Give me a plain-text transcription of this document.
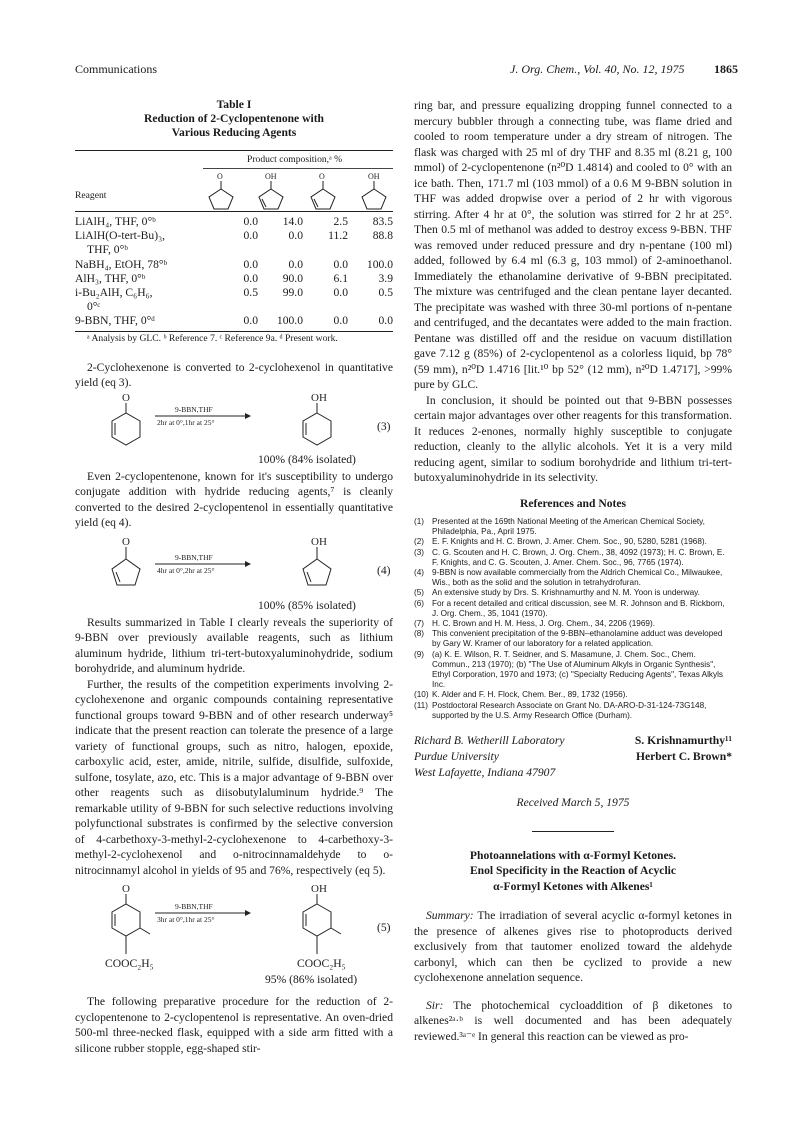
Communications	J. Org. Chem., Vol. 40, No. 12, 1975 1865
Table I
Reduction of 2-Cyclopentenone with
Various Reducing Agents
Product composition,ᵃ %
Reagent
O	OH	O	OH
LiAlH₄, THF, 0°ᵇ	0.0	14.0	2.5	83.5
LiAlH(O-tert-Bu)₃,	0.0	0.0	11.2	88.8
THF, 0°ᵇ				
NaBH₄, EtOH, 78°ᵇ	0.0	0.0	0.0	100.0
AlH₃, THF, 0°ᵇ	0.0	90.0	6.1	3.9
i-Bu₂AlH, C₆H₆,	0.5	99.0	0.0	0.5
0°ᶜ				
9-BBN, THF, 0°ᵈ	0.0	100.0	0.0	0.0
ᵃ Analysis by GLC. ᵇ Reference 7. ᶜ Reference 9a. ᵈ Present work.

2-Cyclohexenone is converted to 2-cyclohexenol in quantitative yield (eq 3).

O
9-BBN,THF
2hr at 0°,1hr at 25°
OH
(3)
100% (84% isolated)

Even 2-cyclopentenone, known for it's susceptibility to undergo conjugate addition with hydride reducing agents,⁷ is cleanly converted to the desired 2-cyclopentenol in essentially quantitative yield (eq 4).

O
9-BBN,THF
4hr at 0°,2hr at 25°
OH
(4)
100% (85% isolated)

Results summarized in Table I clearly reveals the superiority of 9-BBN over previously available reagents, such as lithium aluminum hydride, lithium tri-tert-butoxyaluminohydride, sodium borohydride, and aluminum hydride.

Further, the results of the competition experiments involving 2-cyclohexenone and organic compounds containing representative functional groups toward 9-BBN and of other research underway⁵ indicate that the present reaction can tolerate the presence of a large variety of functional groups, such as nitro, halogen, epoxide, carboxylic acid, ester, amide, nitrile, sulfide, disulfide, sulfoxide, sulfone, tosylate, azo, etc. This is a major advantage of 9-BBN over other reagents such as diisobutylaluminum hydride.⁹ The remarkable utility of 9-BBN for such selective reductions involving polyfunctional substrates is confirmed by the selective conversion of 4-carbethoxy-3-methyl-2-cyclohexenone to 4-carbethoxy-3-methyl-2-cyclohexenol and o-nitrocinnamaldehyde to o-nitrocinnamyl alcohol in yields of 95 and 76%, respectively (eq 5).

O
9-BBN,THF
3hr at 0°,1hr at 25°
OH
(5)
COOC₂H₅	COOC₂H₅
95% (86% isolated)

The following preparative procedure for the reduction of 2-cyclopentenone to 2-cyclopentenol is representative. An oven-dried 500-ml three-necked flask, equipped with a side arm fitted with a silicone rubber stopple, egg-shaped stir-

ring bar, and pressure equalizing dropping funnel connected to a mercury bubbler through a connecting tube, was flame dried and cooled to room temperature under a dry stream of nitrogen. The flask was charged with 25 ml of dry THF and 8.35 ml (8.21 g, 100 mmol) of 2-cyclopentenone (n²⁰D 1.4814) and cooled to 0° with an ice bath. Then, 171.7 ml (103 mmol) of a 0.6 M 9-BBN solution in THF was added dropwise over a period of 2 hr with vigorous stirring. After 4 hr at 0°, the solution was stirred for 2 hr at 25°. Then 0.5 ml of methanol was added to destroy excess 9-BBN. THF was removed under reduced pressure and dry n-pentane (100 ml) added, followed by 6.4 ml (6.3 g, 103 mmol) of 2-aminoethanol. Immediately the ethanolamine derivative of 9-BBN precipitated. The mixture was centrifuged and the clean pentane layer decanted. The precipitate was washed with three 30-ml portions of n-pentane and centrifuged, and the decantates were added to the main fraction. Pentane was distilled off and the residue on vacuum distillation gave 7.12 g (85%) of 2-cyclopentenol as a colorless liquid, bp 78° (59 mm), n²⁰D 1.4716 [lit.¹⁰ bp 52° (12 mm), n²⁰D 1.4717], >99% pure by GLC.

In conclusion, it should be pointed out that 9-BBN possesses certain major advantages over other reagents for this transformation. It reduces 2-enones, normally highly susceptible to conjugate reduction, cleanly to the allylic alcohols. Yet it is a very mild reducing agent, similar to sodium borohydride and lithium tri-tert-butoxyaluminohydride in its selectivity.

References and Notes
(1) Presented at the 169th National Meeting of the American Chemical Society, Philadelphia, Pa., April 1975.
(2) E. F. Knights and H. C. Brown, J. Amer. Chem. Soc., 90, 5280, 5281 (1968).
(3) C. G. Scouten and H. C. Brown, J. Org. Chem., 38, 4092 (1973); H. C. Brown, E. F. Knights, and C. G. Scouten, J. Amer. Chem. Soc., 96, 7765 (1974).
(4) 9-BBN is now available commercially from the Aldrich Chemical Co., Milwaukee, Wis., both as the solid and the solution in tetrahydrofuran.
(5) An extensive study by Drs. S. Krishnamurthy and N. M. Yoon is underway.
(6) For a recent detailed and critical discussion, see M. R. Johnson and B. Rickborn, J. Org. Chem., 35, 1041 (1970).
(7) H. C. Brown and H. M. Hess, J. Org. Chem., 34, 2206 (1969).
(8) This convenient precipitation of the 9-BBN–ethanolamine adduct was developed by Gary W. Kramer of our laboratory for a related application.
(9) (a) K. E. Wilson, R. T. Seidner, and S. Masamune, J. Chem. Soc., Chem. Commun., 213 (1970); (b) "The Use of Aluminum Alkyls in Organic Synthesis", Ethyl Corporation, 1970 and 1973; (c) "Specialty Reducing Agents", Texas Alkyls Inc.
(10) K. Alder and F. H. Flock, Chem. Ber., 89, 1732 (1956).
(11) Postdoctoral Research Associate on Grant No. DA-ARO-D-31-124-73G148, supported by the U.S. Army Research Office (Durham).
Richard B. Wetherill Laboratory
Purdue University
West Lafayette, Indiana 47907
S. Krishnamurthy¹¹
Herbert C. Brown*
Received March 5, 1975
Photoannelations with α-Formyl Ketones.
Enol Specificity in the Reaction of Acyclic
α-Formyl Ketones with Alkenes¹

Summary: The irradiation of several acyclic α-formyl ketones in the presence of alkenes gives rise to photoproducts derived exclusively from that tautomer enolized toward the aldehyde carbonyl, which can then be cyclized to provide a new cyclohexenone annelation sequence.

Sir: The photochemical cycloaddition of β diketones to alkenes²ᵃ·ᵇ is well documented and has been adequately reviewed.³ᵃ⁻ᵉ In general this reaction can be viewed as pro-
